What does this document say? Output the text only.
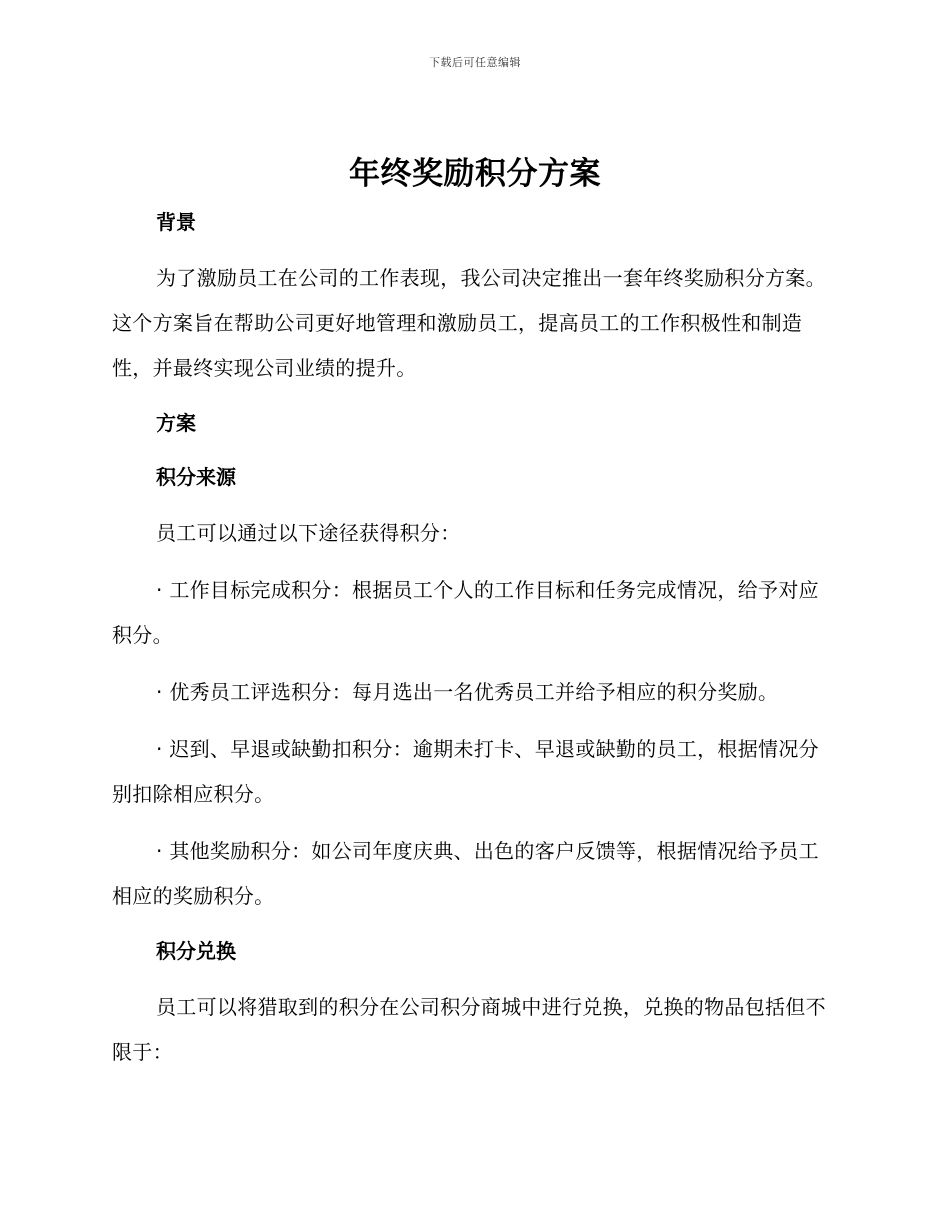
下载后可任意编辑
年终奖励积分方案
背景

为了激励员工在公司的工作表现，我公司决定推出一套年终奖励积分方案。这个方案旨在帮助公司更好地管理和激励员工，提高员工的工作积极性和制造性，并最终实现公司业绩的提升。

方案
积分来源

员工可以通过以下途径获得积分：

· 工作目标完成积分：根据员工个人的工作目标和任务完成情况，给予对应积分。

· 优秀员工评选积分：每月选出一名优秀员工并给予相应的积分奖励。

· 迟到、早退或缺勤扣积分：逾期未打卡、早退或缺勤的员工，根据情况分别扣除相应积分。

· 其他奖励积分：如公司年度庆典、出色的客户反馈等，根据情况给予员工相应的奖励积分。

积分兑换

员工可以将猎取到的积分在公司积分商城中进行兑换，兑换的物品包括但不限于：
